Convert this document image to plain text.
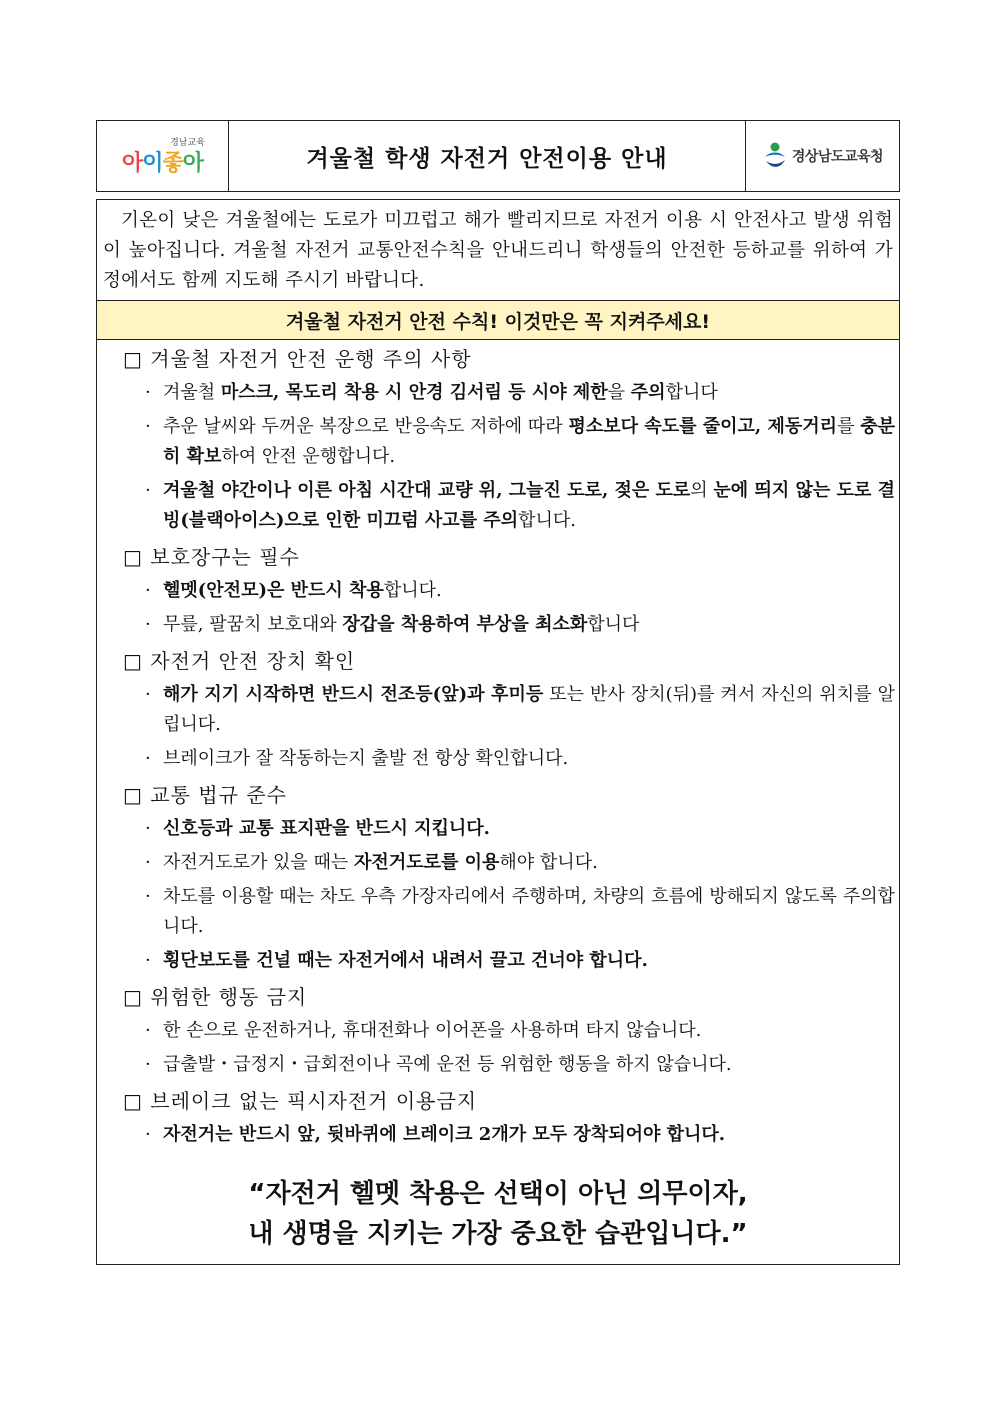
경남교육
아이좋아	겨울철 학생 자전거 안전이용 안내	경상남도교육청
기온이 낮은 겨울철에는 도로가 미끄럽고 해가 빨리지므로 자전거 이용 시 안전사고 발생 위험이 높아집니다. 겨울철 자전거 교통안전수칙을 안내드리니 학생들의 안전한 등하교를 위하여 가정에서도 함께 지도해 주시기 바랍니다.
겨울철 자전거 안전 수칙! 이것만은 꼭 지켜주세요!
□ 겨울철 자전거 안전 운행 주의 사항
· 겨울철 마스크, 목도리 착용 시 안경 김서림 등 시야 제한을 주의합니다
· 추운 날씨와 두꺼운 복장으로 반응속도 저하에 따라 평소보다 속도를 줄이고, 제동거리를 충분히 확보하여 안전 운행합니다.
· 겨울철 야간이나 이른 아침 시간대 교량 위, 그늘진 도로, 젖은 도로의 눈에 띄지 않는 도로 결빙(블랙아이스)으로 인한 미끄럼 사고를 주의합니다.
□ 보호장구는 필수
· 헬멧(안전모)은 반드시 착용합니다.
· 무릎, 팔꿈치 보호대와 장갑을 착용하여 부상을 최소화합니다
□ 자전거 안전 장치 확인
· 해가 지기 시작하면 반드시 전조등(앞)과 후미등 또는 반사 장치(뒤)를 켜서 자신의 위치를 알립니다.
· 브레이크가 잘 작동하는지 출발 전 항상 확인합니다.
□ 교통 법규 준수
· 신호등과 교통 표지판을 반드시 지킵니다.
· 자전거도로가 있을 때는 자전거도로를 이용해야 합니다.
· 차도를 이용할 때는 차도 우측 가장자리에서 주행하며, 차량의 흐름에 방해되지 않도록 주의합니다.
· 횡단보도를 건널 때는 자전거에서 내려서 끌고 건너야 합니다.
□ 위험한 행동 금지
· 한 손으로 운전하거나, 휴대전화나 이어폰을 사용하며 타지 않습니다.
· 급출발・급정지・급회전이나 곡예 운전 등 위험한 행동을 하지 않습니다.
□ 브레이크 없는 픽시자전거 이용금지
· 자전거는 반드시 앞, 뒷바퀴에 브레이크 2개가 모두 장착되어야 합니다.
“자전거 헬멧 착용은 선택이 아닌 의무이자,
내 생명을 지키는 가장 중요한 습관입니다.”
